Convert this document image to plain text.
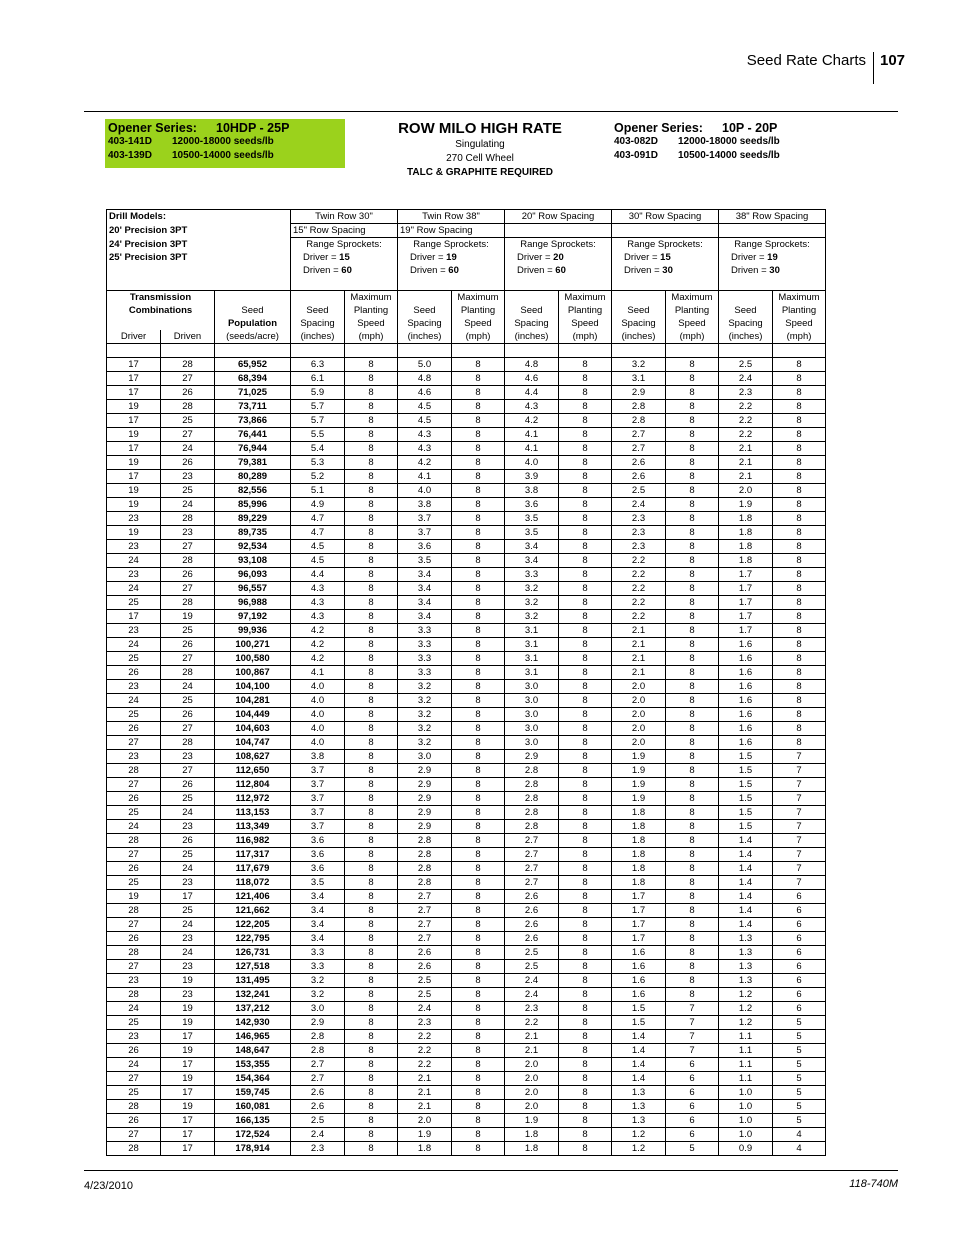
Seed Rate Charts 107
Opener Series: 10HDP - 25P
403-141D 12000-18000 seeds/lb
403-139D 10500-14000 seeds/lb
ROW MILO HIGH RATE
Singulating
270 Cell Wheel
TALC & GRAPHITE REQUIRED
Opener Series: 10P - 20P
403-082D 12000-18000 seeds/lb
403-091D 10500-14000 seeds/lb
Drill Models:			Twin Row 30"		Twin Row 38"		20" Row Spacing		30" Row Spacing		38" Row Spacing	
20' Precision 3PT			15" Row Spacing		19" Row Spacing							
24' Precision 3PT			Range Sprockets:		Range Sprockets:		Range Sprockets:		Range Sprockets:		Range Sprockets:	
25' Precision 3PT			Driver = 15		Driver = 19		Driver = 20		Driver = 15		Driver = 19	
			Driven = 60		Driven = 60		Driven = 60		Driven = 30		Driven = 30	

Transmission				Maximum		Maximum		Maximum		Maximum		Maximum
Combinations		Seed	Seed	Planting	Seed	Planting	Seed	Planting	Seed	Planting	Seed	Planting
		Population	Spacing	Speed	Spacing	Speed	Spacing	Speed	Spacing	Speed	Spacing	Speed
Driver	Driven	(seeds/acre)	(inches)	(mph)	(inches)	(mph)	(inches)	(mph)	(inches)	(mph)	(inches)	(mph)

17	28	65,952	6.3	8	5.0	8	4.8	8	3.2	8	2.5	8
17	27	68,394	6.1	8	4.8	8	4.6	8	3.1	8	2.4	8
17	26	71,025	5.9	8	4.6	8	4.4	8	2.9	8	2.3	8
19	28	73,711	5.7	8	4.5	8	4.3	8	2.8	8	2.2	8
17	25	73,866	5.7	8	4.5	8	4.2	8	2.8	8	2.2	8
19	27	76,441	5.5	8	4.3	8	4.1	8	2.7	8	2.2	8
17	24	76,944	5.4	8	4.3	8	4.1	8	2.7	8	2.1	8
19	26	79,381	5.3	8	4.2	8	4.0	8	2.6	8	2.1	8
17	23	80,289	5.2	8	4.1	8	3.9	8	2.6	8	2.1	8
19	25	82,556	5.1	8	4.0	8	3.8	8	2.5	8	2.0	8
19	24	85,996	4.9	8	3.8	8	3.6	8	2.4	8	1.9	8
23	28	89,229	4.7	8	3.7	8	3.5	8	2.3	8	1.8	8
19	23	89,735	4.7	8	3.7	8	3.5	8	2.3	8	1.8	8
23	27	92,534	4.5	8	3.6	8	3.4	8	2.3	8	1.8	8
24	28	93,108	4.5	8	3.5	8	3.4	8	2.2	8	1.8	8
23	26	96,093	4.4	8	3.4	8	3.3	8	2.2	8	1.7	8
24	27	96,557	4.3	8	3.4	8	3.2	8	2.2	8	1.7	8
25	28	96,988	4.3	8	3.4	8	3.2	8	2.2	8	1.7	8
17	19	97,192	4.3	8	3.4	8	3.2	8	2.2	8	1.7	8
23	25	99,936	4.2	8	3.3	8	3.1	8	2.1	8	1.7	8
24	26	100,271	4.2	8	3.3	8	3.1	8	2.1	8	1.6	8
25	27	100,580	4.2	8	3.3	8	3.1	8	2.1	8	1.6	8
26	28	100,867	4.1	8	3.3	8	3.1	8	2.1	8	1.6	8
23	24	104,100	4.0	8	3.2	8	3.0	8	2.0	8	1.6	8
24	25	104,281	4.0	8	3.2	8	3.0	8	2.0	8	1.6	8
25	26	104,449	4.0	8	3.2	8	3.0	8	2.0	8	1.6	8
26	27	104,603	4.0	8	3.2	8	3.0	8	2.0	8	1.6	8
27	28	104,747	4.0	8	3.2	8	3.0	8	2.0	8	1.6	8
23	23	108,627	3.8	8	3.0	8	2.9	8	1.9	8	1.5	7
28	27	112,650	3.7	8	2.9	8	2.8	8	1.9	8	1.5	7
27	26	112,804	3.7	8	2.9	8	2.8	8	1.9	8	1.5	7
26	25	112,972	3.7	8	2.9	8	2.8	8	1.9	8	1.5	7
25	24	113,153	3.7	8	2.9	8	2.8	8	1.8	8	1.5	7
24	23	113,349	3.7	8	2.9	8	2.8	8	1.8	8	1.5	7
28	26	116,982	3.6	8	2.8	8	2.7	8	1.8	8	1.4	7
27	25	117,317	3.6	8	2.8	8	2.7	8	1.8	8	1.4	7
26	24	117,679	3.6	8	2.8	8	2.7	8	1.8	8	1.4	7
25	23	118,072	3.5	8	2.8	8	2.7	8	1.8	8	1.4	7
19	17	121,406	3.4	8	2.7	8	2.6	8	1.7	8	1.4	6
28	25	121,662	3.4	8	2.7	8	2.6	8	1.7	8	1.4	6
27	24	122,205	3.4	8	2.7	8	2.6	8	1.7	8	1.4	6
26	23	122,795	3.4	8	2.7	8	2.6	8	1.7	8	1.3	6
28	24	126,731	3.3	8	2.6	8	2.5	8	1.6	8	1.3	6
27	23	127,518	3.3	8	2.6	8	2.5	8	1.6	8	1.3	6
23	19	131,495	3.2	8	2.5	8	2.4	8	1.6	8	1.3	6
28	23	132,241	3.2	8	2.5	8	2.4	8	1.6	8	1.2	6
24	19	137,212	3.0	8	2.4	8	2.3	8	1.5	7	1.2	6
25	19	142,930	2.9	8	2.3	8	2.2	8	1.5	7	1.2	5
23	17	146,965	2.8	8	2.2	8	2.1	8	1.4	7	1.1	5
26	19	148,647	2.8	8	2.2	8	2.1	8	1.4	7	1.1	5
24	17	153,355	2.7	8	2.2	8	2.0	8	1.4	6	1.1	5
27	19	154,364	2.7	8	2.1	8	2.0	8	1.4	6	1.1	5
25	17	159,745	2.6	8	2.1	8	2.0	8	1.3	6	1.0	5
28	19	160,081	2.6	8	2.1	8	2.0	8	1.3	6	1.0	5
26	17	166,135	2.5	8	2.0	8	1.9	8	1.3	6	1.0	5
27	17	172,524	2.4	8	1.9	8	1.8	8	1.2	6	1.0	4
28	17	178,914	2.3	8	1.8	8	1.8	8	1.2	5	0.9	4
4/23/2010	118-740M
